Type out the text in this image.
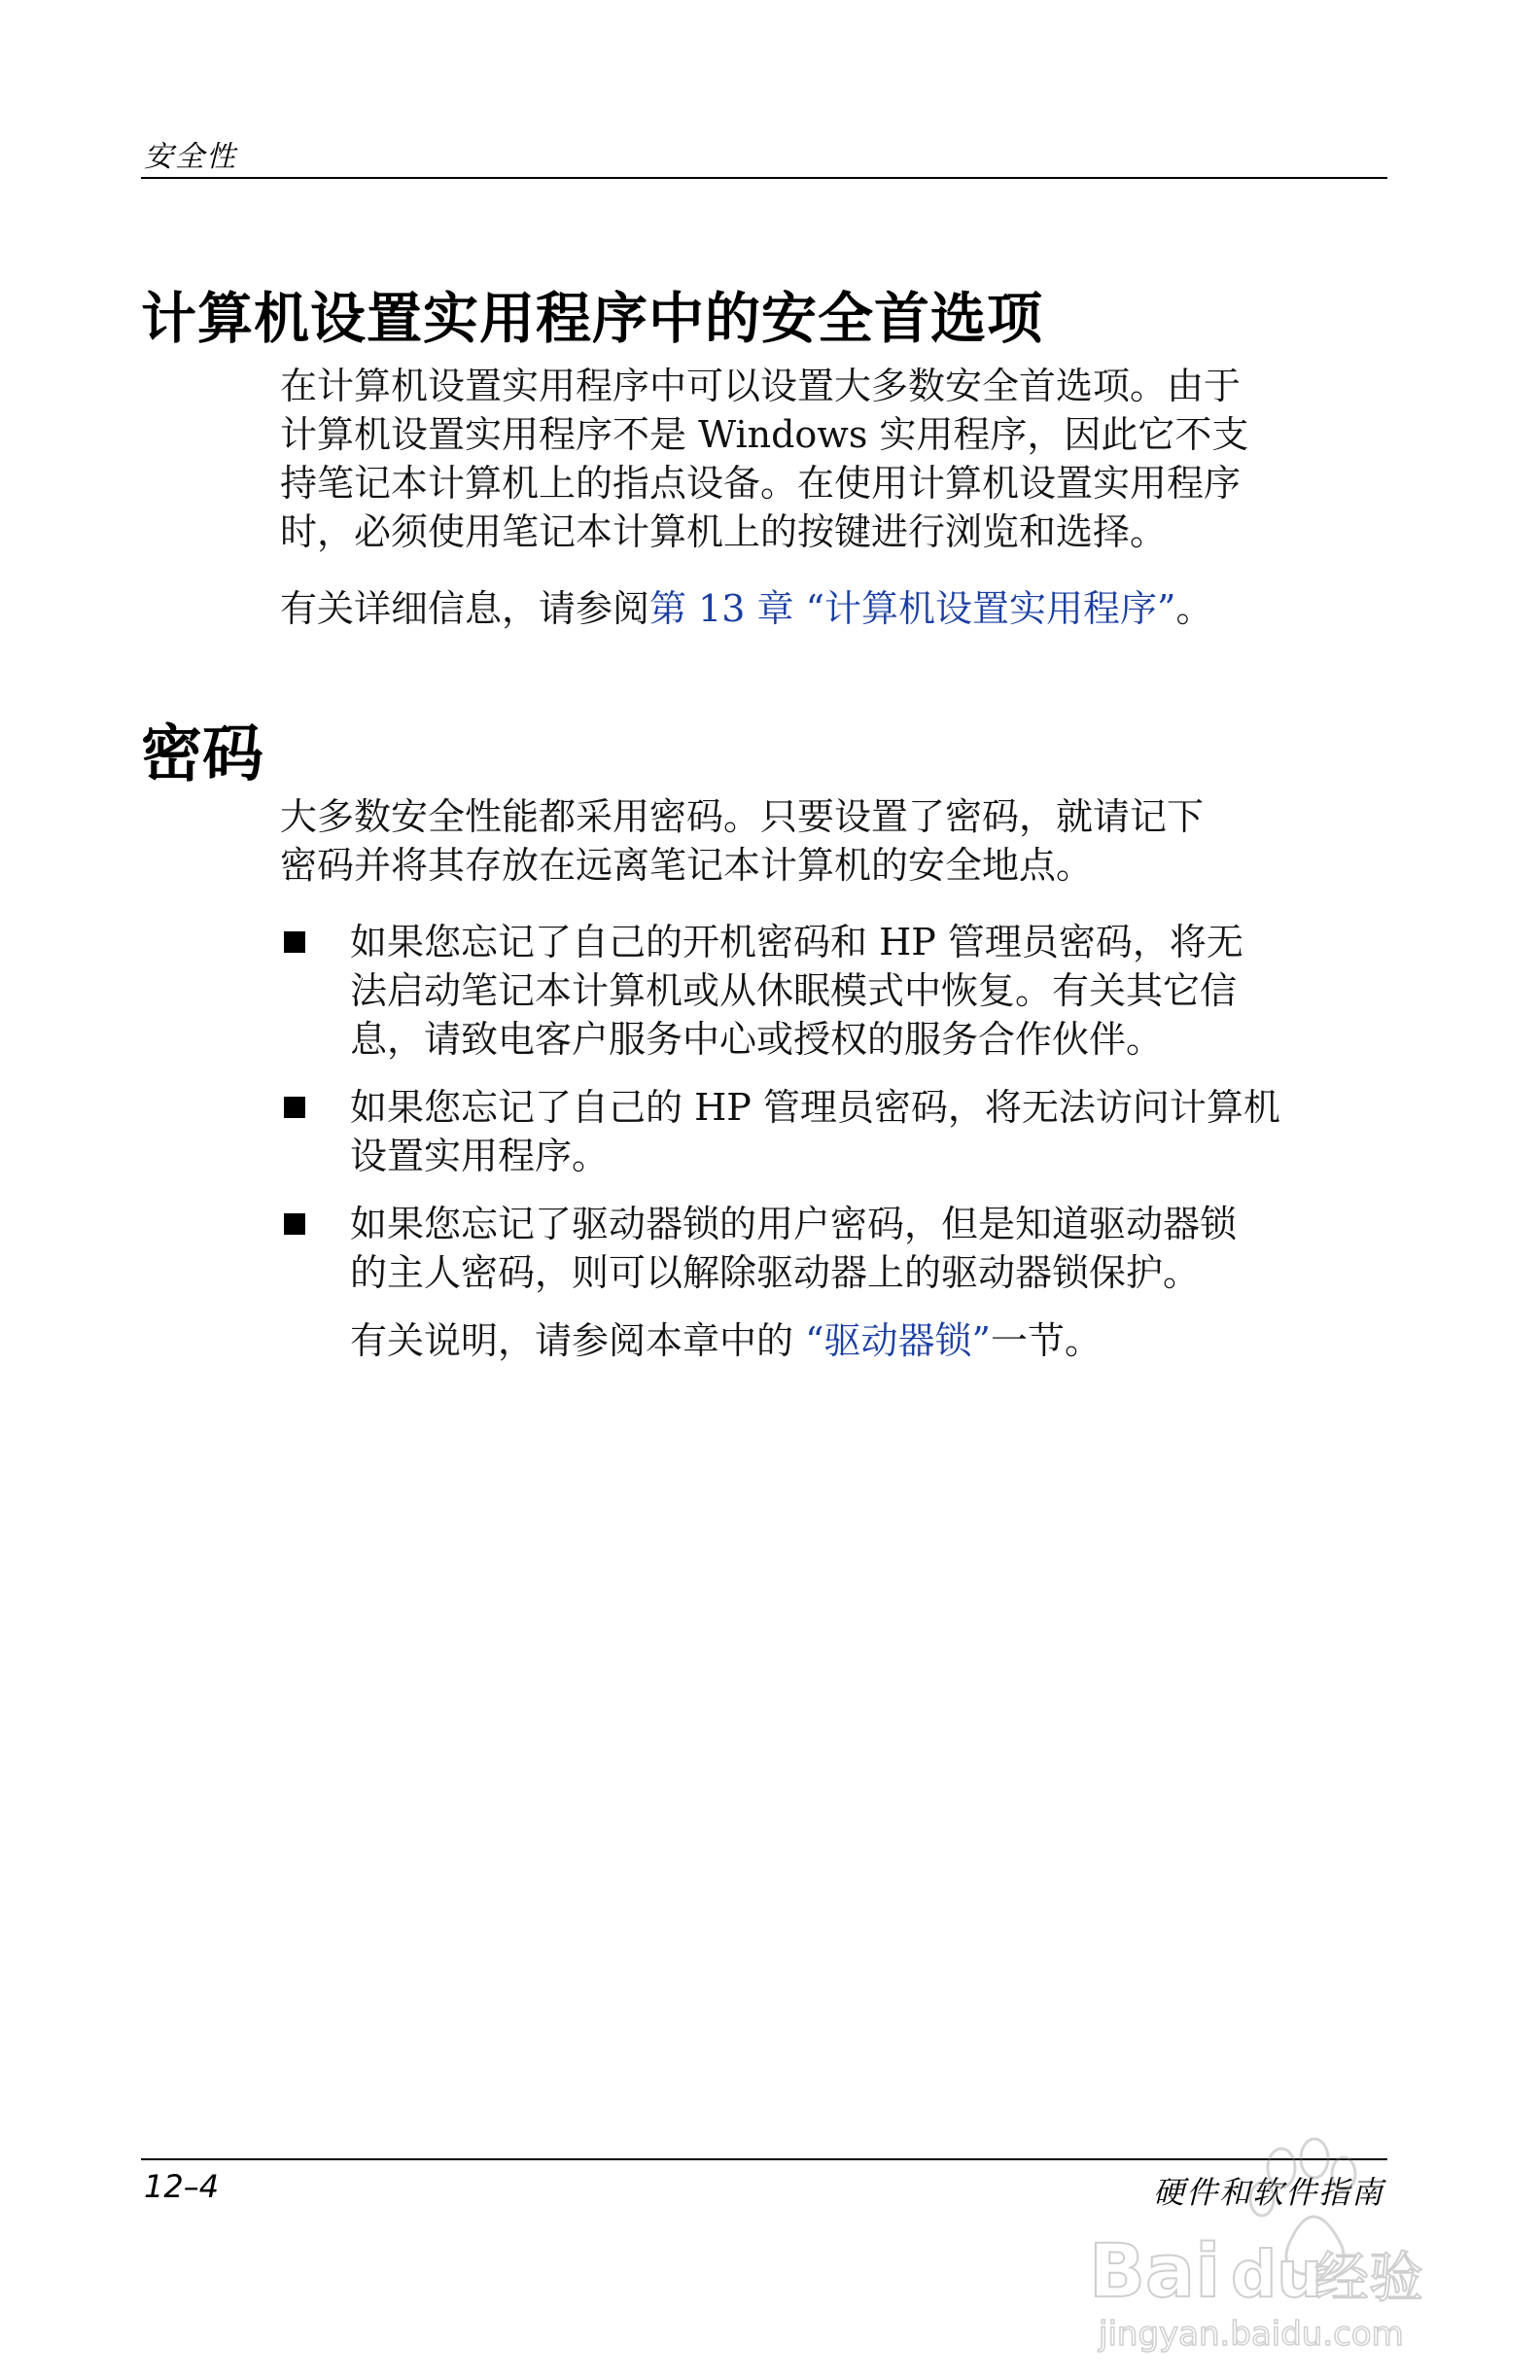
安全性
计算机设置实用程序中的安全首选项

在计算机设置实用程序中可以设置大多数安全首选项。由于

计算机设置实用程序不是 Windows 实用程序，因此它不支

持笔记本计算机上的指点设备。在使用计算机设置实用程序

时，必须使用笔记本计算机上的按键进行浏览和选择。

有关详细信息，请参阅第 13 章 “计算机设置实用程序”。
密码

大多数安全性能都采用密码。只要设置了密码，就请记下

密码并将其存放在远离笔记本计算机的安全地点。

如果您忘记了自己的开机密码和 HP 管理员密码，将无
法启动笔记本计算机或从休眠模式中恢复。有关其它信
息，请致电客户服务中心或授权的服务合作伙伴。
如果您忘记了自己的 HP 管理员密码，将无法访问计算机
设置实用程序。
如果您忘记了驱动器锁的用户密码，但是知道驱动器锁
的主人密码，则可以解除驱动器上的驱动器锁保护。
有关说明，请参阅本章中的 “驱动器锁”一节。
12–4	硬件和软件指南
Bai du
经验
jingyan.baidu.com
